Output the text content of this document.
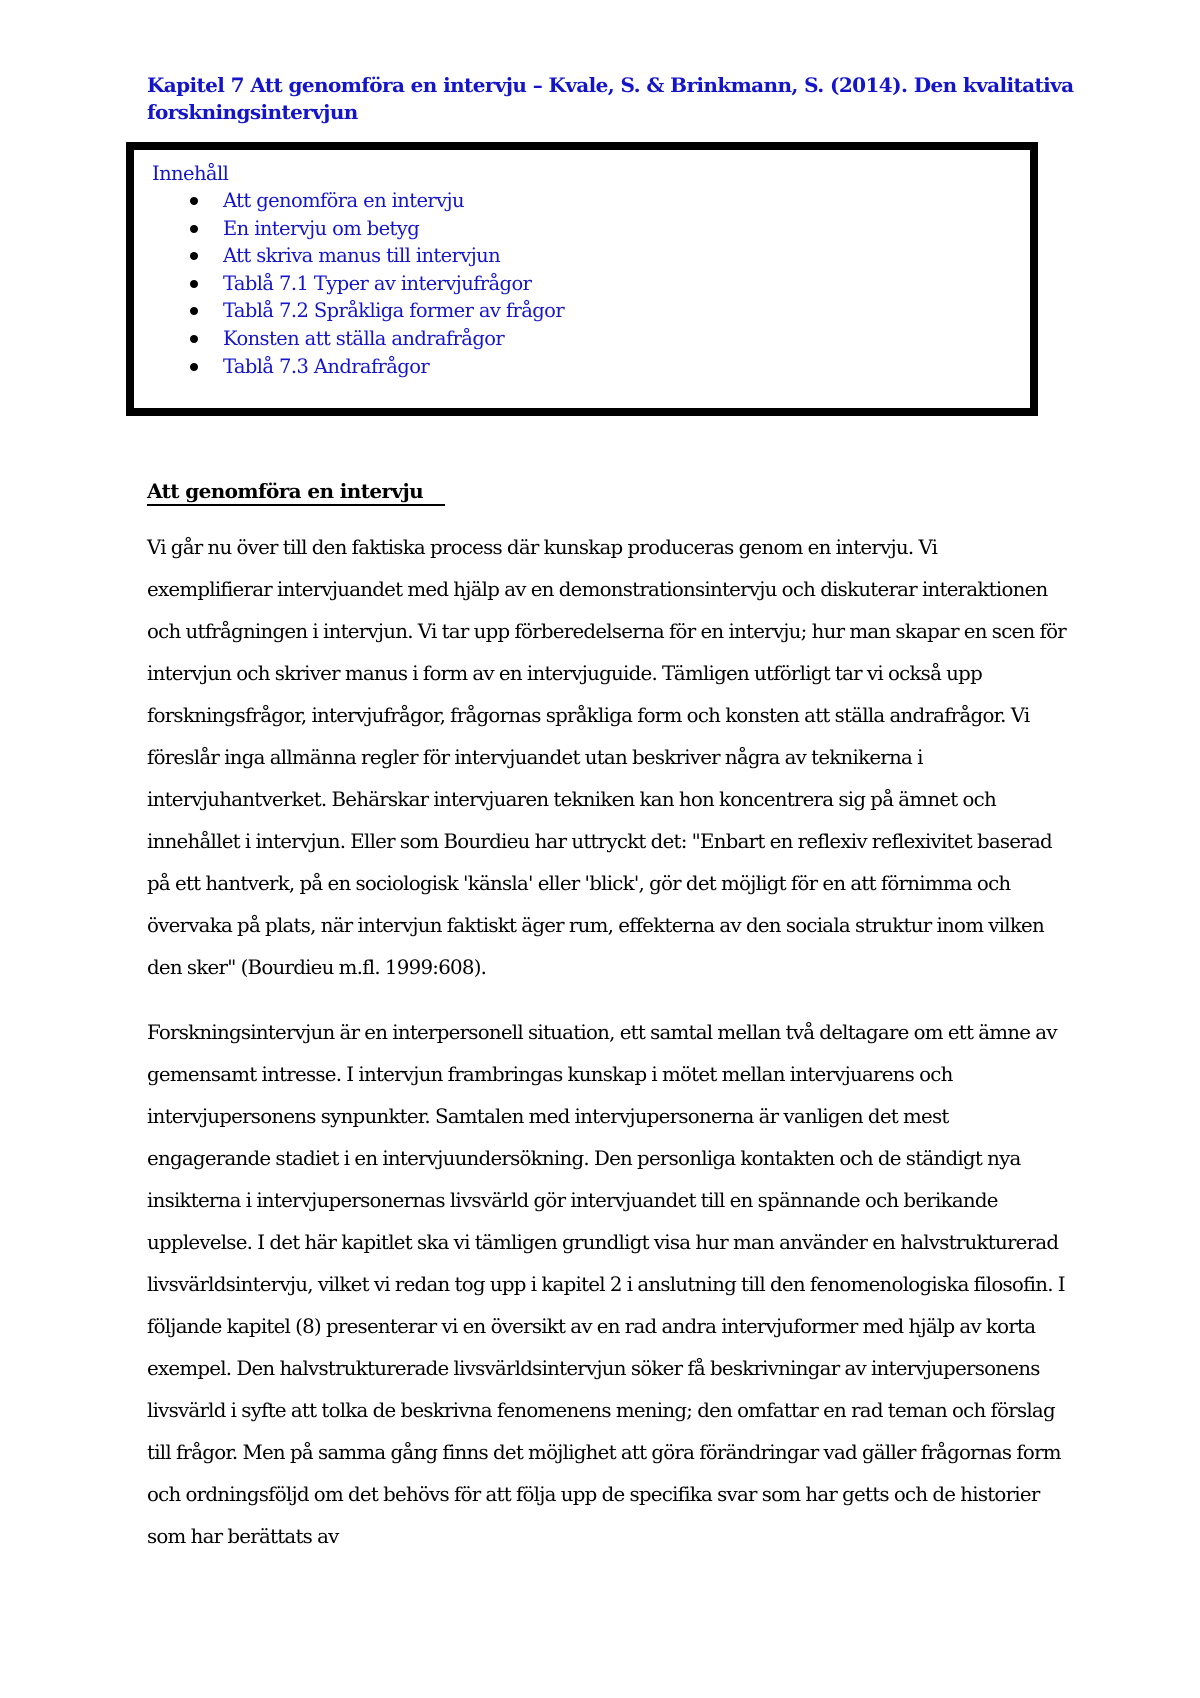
Kapitel 7 Att genomföra en intervju – Kvale, S. & Brinkmann, S. (2014). Den kvalitativa forskningsintervjun
Innehåll
Att genomföra en intervju
En intervju om betyg
Att skriva manus till intervjun
Tablå 7.1 Typer av intervjufrågor
Tablå 7.2 Språkliga former av frågor
Konsten att ställa andrafrågor
Tablå 7.3 Andrafrågor

Att genomföra en intervju

Vi går nu över till den faktiska process där kunskap produceras genom en intervju. Vi exemplifierar intervjuandet med hjälp av en demonstrationsintervju och diskuterar interaktionen och utfrågningen i intervjun. Vi tar upp förberedelserna för en intervju; hur man skapar en scen för intervjun och skriver manus i form av en intervjuguide. Tämligen utförligt tar vi också upp forskningsfrågor, intervjufrågor, frågornas språkliga form och konsten att ställa andrafrågor. Vi föreslår inga allmänna regler för intervjuandet utan beskriver några av teknikerna i intervjuhantverket. Behärskar intervjuaren tekniken kan hon koncentrera sig på ämnet och innehållet i intervjun. Eller som Bourdieu har uttryckt det: "Enbart en reflexiv reflexivitet baserad på ett hantverk, på en sociologisk 'känsla' eller 'blick', gör det möjligt för en att förnimma och övervaka på plats, när intervjun faktiskt äger rum, effekterna av den sociala struktur inom vilken den sker" (Bourdieu m.fl. 1999:608).

Forskningsintervjun är en interpersonell situation, ett samtal mellan två deltagare om ett ämne av gemensamt intresse. I intervjun frambringas kunskap i mötet mellan intervjuarens och intervjupersonens synpunkter. Samtalen med intervjupersonerna är vanligen det mest engagerande stadiet i en intervjuundersökning. Den personliga kontakten och de ständigt nya insikterna i intervjupersonernas livsvärld gör intervjuandet till en spännande och berikande upplevelse. I det här kapitlet ska vi tämligen grundligt visa hur man använder en halvstrukturerad livsvärldsintervju, vilket vi redan tog upp i kapitel 2 i anslutning till den fenomenologiska filosofin. I följande kapitel (8) presenterar vi en översikt av en rad andra intervjuformer med hjälp av korta exempel. Den halvstrukturerade livsvärldsintervjun söker få beskrivningar av intervjupersonens livsvärld i syfte att tolka de beskrivna fenomenens mening; den omfattar en rad teman och förslag till frågor. Men på samma gång finns det möjlighet att göra förändringar vad gäller frågornas form och ordningsföljd om det behövs för att följa upp de specifika svar som har getts och de historier som har berättats av
